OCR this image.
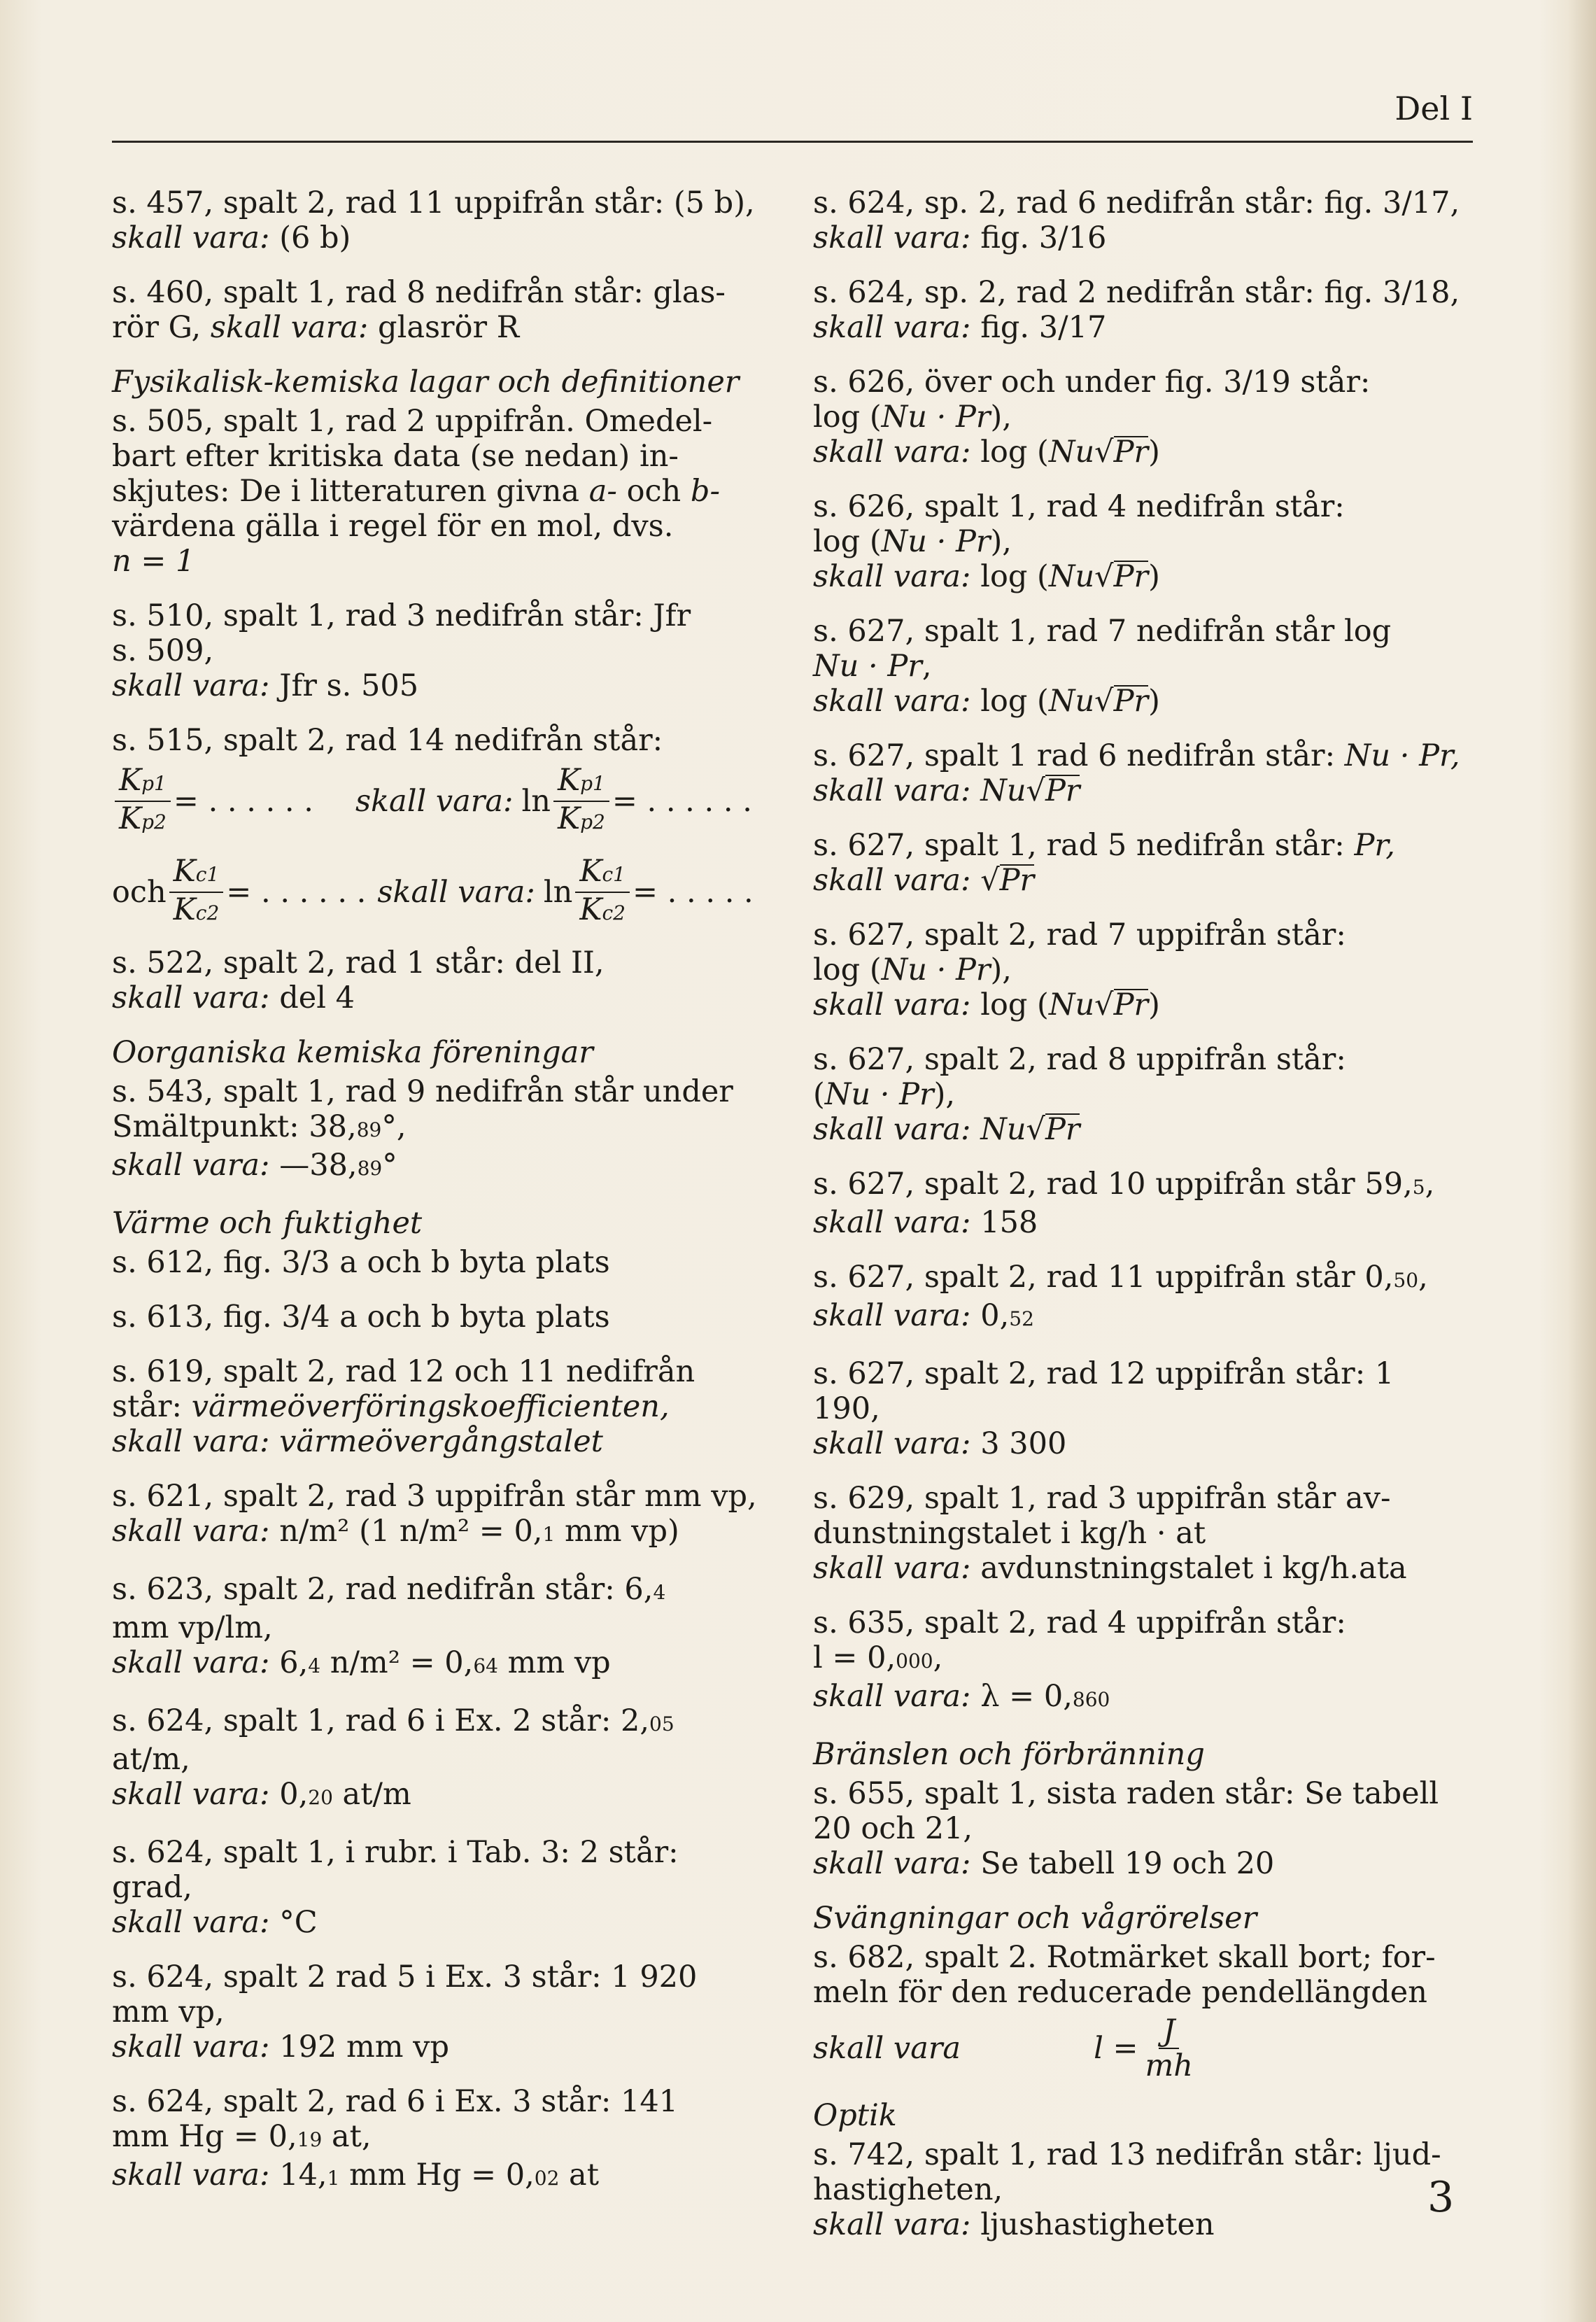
Del I

s. 457, spalt 2, rad 11 uppifrån står: (5 b),

skall vara: (6 b)

s. 460, spalt 1, rad 8 nedifrån står: glas-

rör G, skall vara: glasrör R

Fysikalisk-kemiska lagar och definitioner

s. 505, spalt 1, rad 2 uppifrån. Omedel-

bart efter kritiska data (se nedan) in-

skjutes: De i litteraturen givna a- och b-

värdena gälla i regel för en mol, dvs.

n = 1

s. 510, spalt 1, rad 3 nedifrån står: Jfr

s. 509,

skall vara: Jfr s. 505

s. 515, spalt 2, rad 14 nedifrån står:

$\frac{Kp1}{Kp2}$ = . . . . . . skall vara: $\ln \frac{Kp1}{Kp2}$ = . . . . . .
och $\frac{Kc1}{Kc2}$ = . . . . . . skall vara: $\ln \frac{Kc1}{Kc2}$ = . . . . .

s. 522, spalt 2, rad 1 står: del II,

skall vara: del 4

Oorganiska kemiska föreningar

s. 543, spalt 1, rad 9 nedifrån står under

Smältpunkt: 38,89°,

skall vara: —38,89°

Värme och fuktighet

s. 612, fig. 3/3 a och b byta plats

s. 613, fig. 3/4 a och b byta plats

s. 619, spalt 2, rad 12 och 11 nedifrån

står: värmeöverföringskoefficienten,

skall vara: värmeövergångstalet

s. 621, spalt 2, rad 3 uppifrån står mm vp,

skall vara: n/m² (1 n/m² = 0,1 mm vp)

s. 623, spalt 2, rad nedifrån står: 6,4

mm vp/lm,

skall vara: 6,4 n/m² = 0,64 mm vp

s. 624, spalt 1, rad 6 i Ex. 2 står: 2,05

at/m,

skall vara: 0,20 at/m

s. 624, spalt 1, i rubr. i Tab. 3: 2 står:

grad,

skall vara: °C

s. 624, spalt 2 rad 5 i Ex. 3 står: 1 920

mm vp,

skall vara: 192 mm vp

s. 624, spalt 2, rad 6 i Ex. 3 står: 141

mm Hg = 0,19 at,

skall vara: 14,1 mm Hg = 0,02 at

s. 624, sp. 2, rad 6 nedifrån står: fig. 3/17,

skall vara: fig. 3/16

s. 624, sp. 2, rad 2 nedifrån står: fig. 3/18,

skall vara: fig. 3/17

s. 626, över och under fig. 3/19 står:

log (Nu · Pr),

skall vara: log (Nu√Pr)

s. 626, spalt 1, rad 4 nedifrån står:

log (Nu · Pr),

skall vara: log (Nu√Pr)

s. 627, spalt 1, rad 7 nedifrån står log

Nu · Pr,

skall vara: log (Nu√Pr)

s. 627, spalt 1 rad 6 nedifrån står: Nu · Pr,

skall vara: Nu√Pr

s. 627, spalt 1, rad 5 nedifrån står: Pr,

skall vara: √Pr

s. 627, spalt 2, rad 7 uppifrån står:

log (Nu · Pr),

skall vara: log (Nu√Pr)

s. 627, spalt 2, rad 8 uppifrån står:

(Nu · Pr),

skall vara: Nu√Pr

s. 627, spalt 2, rad 10 uppifrån står 59,5,

skall vara: 158

s. 627, spalt 2, rad 11 uppifrån står 0,50,

skall vara: 0,52

s. 627, spalt 2, rad 12 uppifrån står: 1 190,

skall vara: 3 300

s. 629, spalt 1, rad 3 uppifrån står av-

dunstningstalet i kg/h · at

skall vara: avdunstningstalet i kg/h.ata

s. 635, spalt 2, rad 4 uppifrån står:

l = 0,000,

skall vara: λ = 0,860

Bränslen och förbränning

s. 655, spalt 1, sista raden står: Se tabell

20 och 21,

skall vara: Se tabell 19 och 20

Svängningar och vågrörelser

s. 682, spalt 2. Rotmärket skall bort; for-

meln för den reducerade pendellängden

skall vara	$l = \frac{J}{mh}$

Optik

s. 742, spalt 1, rad 13 nedifrån står: ljud-

hastigheten,

skall vara: ljushastigheten

3
